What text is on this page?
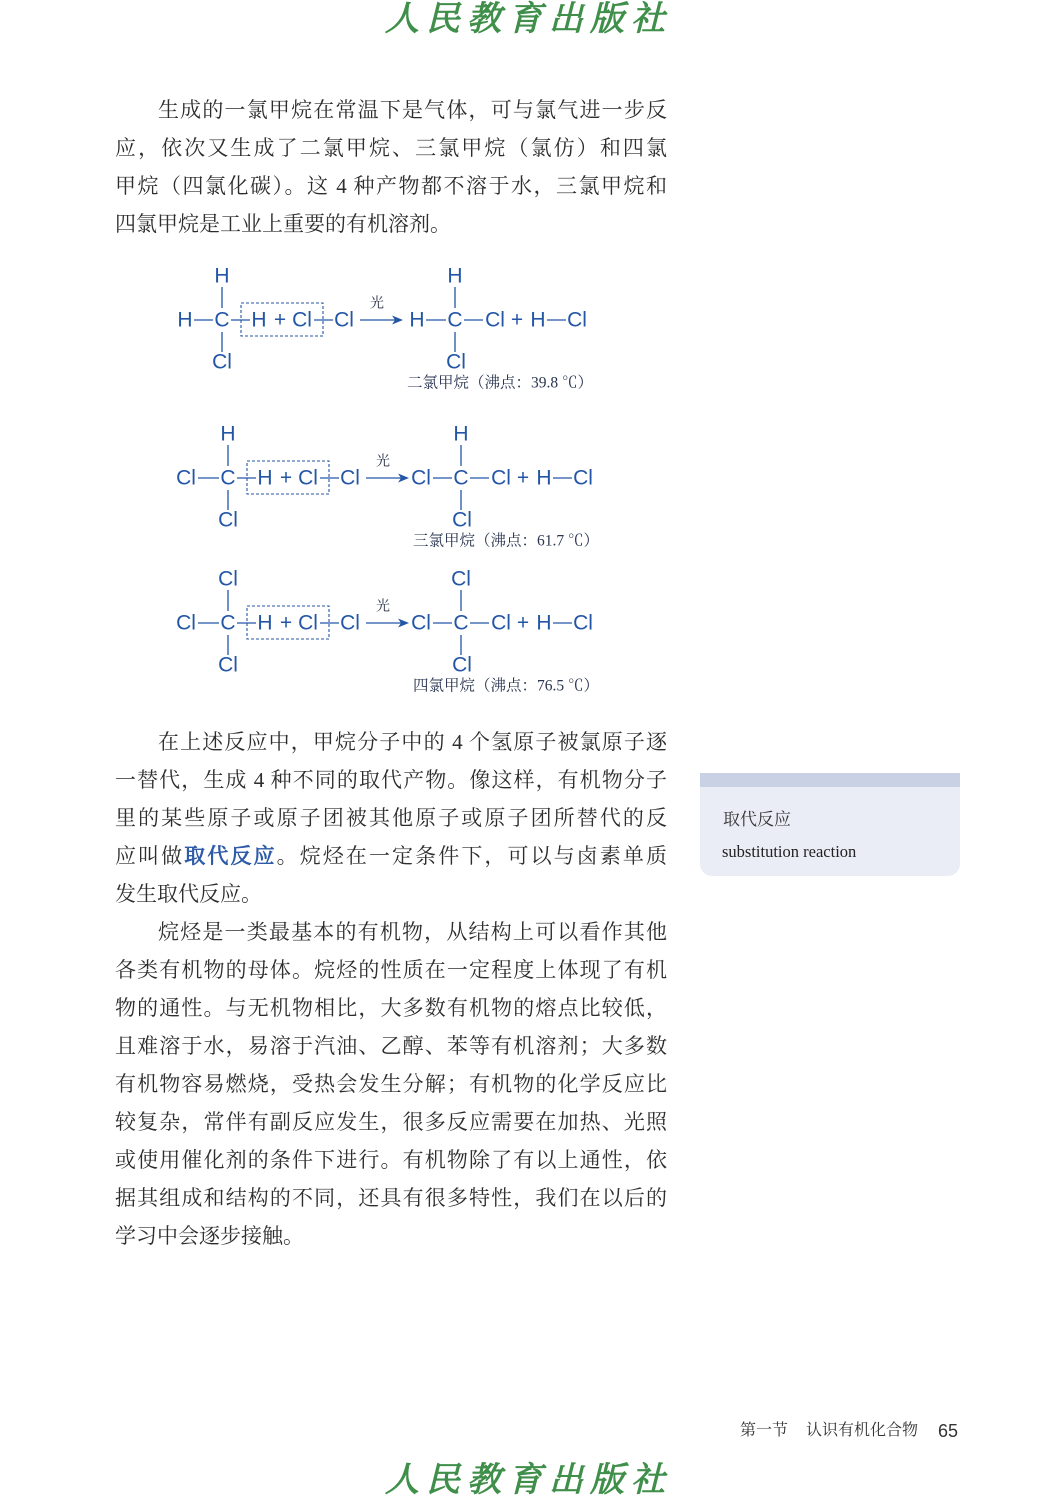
人民教育出版社
生成的一氯甲烷在常温下是气体，可与氯气进一步反
应，依次又生成了二氯甲烷、三氯甲烷（氯仿）和四氯
甲烷（四氯化碳）。这 4 种产物都不溶于水，三氯甲烷和
四氯甲烷是工业上重要的有机溶剂。
H
H C H + Cl Cl
Cl
光
H
H C Cl + H Cl
Cl
二氯甲烷（沸点：39.8 ℃）
H
Cl C H + Cl Cl
Cl
光
H
Cl C Cl + H Cl
Cl
三氯甲烷（沸点：61.7 ℃）
Cl
Cl C H + Cl Cl
Cl
光
Cl
Cl C Cl + H Cl
Cl
四氯甲烷（沸点：76.5 ℃）
在上述反应中，甲烷分子中的 4 个氢原子被氯原子逐
一替代，生成 4 种不同的取代产物。像这样，有机物分子
里的某些原子或原子团被其他原子或原子团所替代的反
应叫做取代反应。烷烃在一定条件下，可以与卤素单质
发生取代反应。
烷烃是一类最基本的有机物，从结构上可以看作其他
各类有机物的母体。烷烃的性质在一定程度上体现了有机
物的通性。与无机物相比，大多数有机物的熔点比较低，
且难溶于水，易溶于汽油、乙醇、苯等有机溶剂；大多数
有机物容易燃烧，受热会发生分解；有机物的化学反应比
较复杂，常伴有副反应发生，很多反应需要在加热、光照
或使用催化剂的条件下进行。有机物除了有以上通性，依
据其组成和结构的不同，还具有很多特性，我们在以后的
学习中会逐步接触。
取代反应
substitution reaction
第一节 认识有机化合物 65
人民教育出版社
